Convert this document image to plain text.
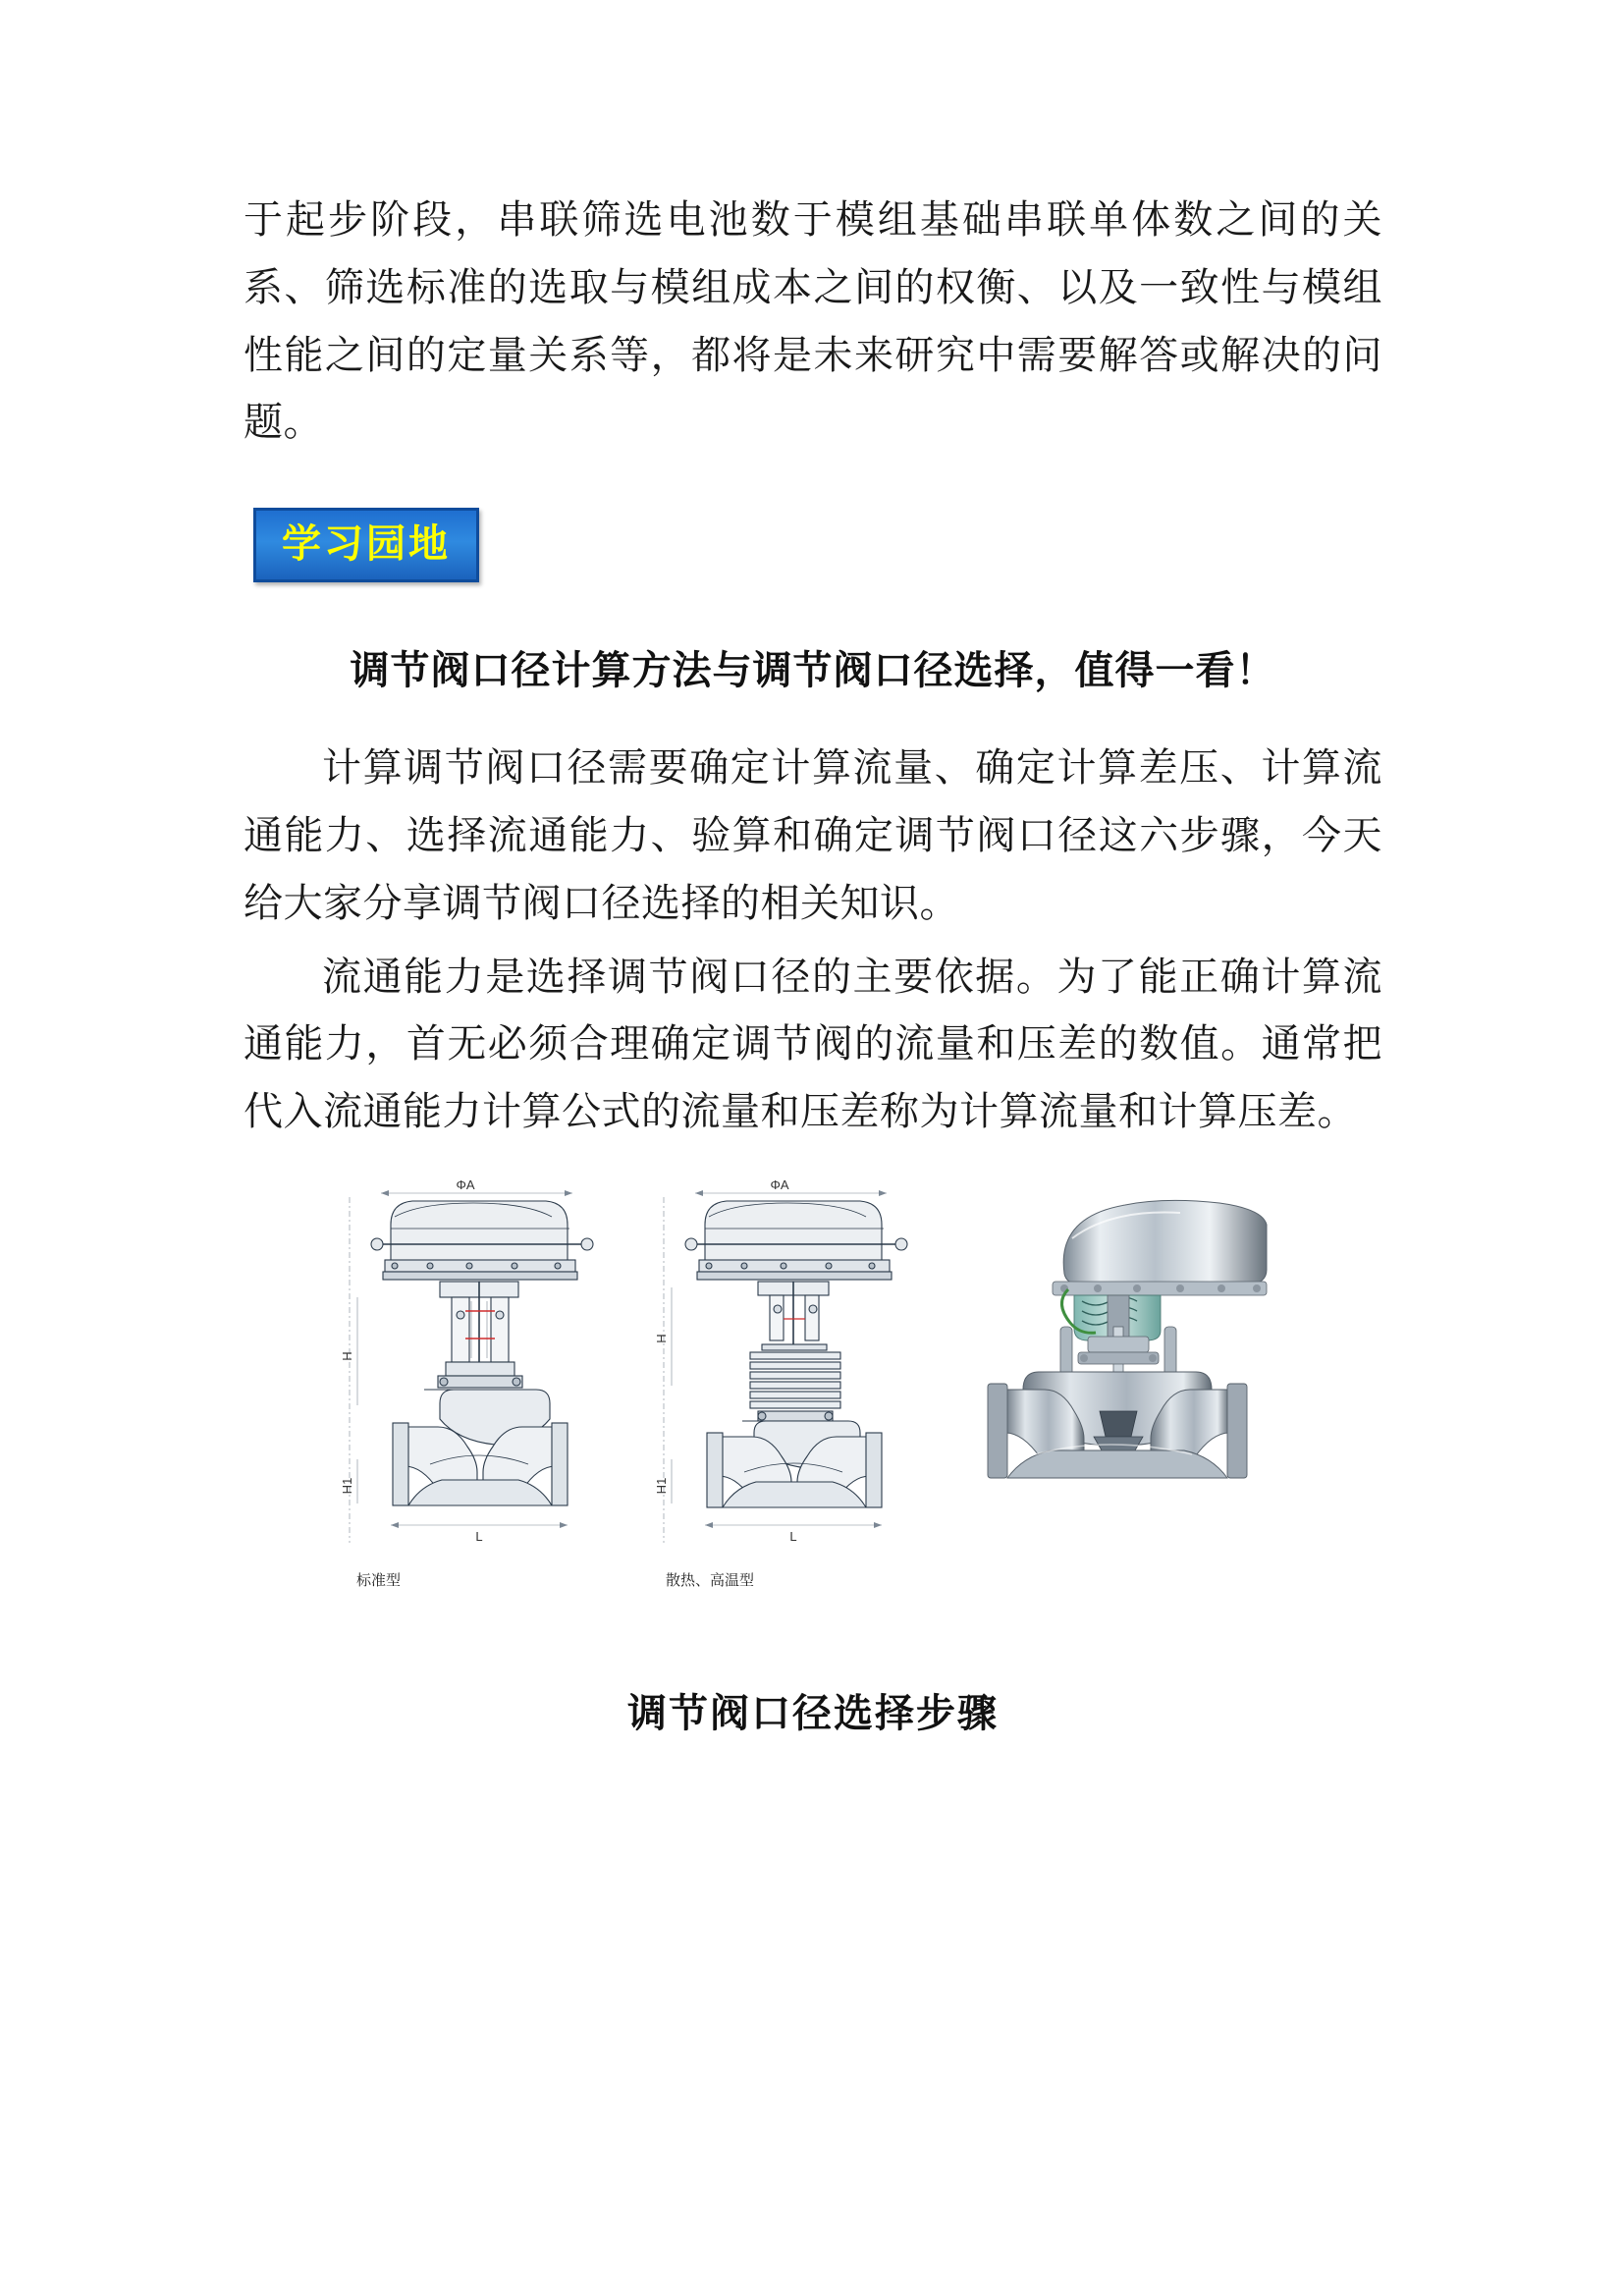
于起步阶段，串联筛选电池数于模组基础串联单体数之间的关系、筛选标准的选取与模组成本之间的权衡、以及一致性与模组性能之间的定量关系等，都将是未来研究中需要解答或解决的问题。

学习园地
调节阀口径计算方法与调节阀口径选择，值得一看！

计算调节阀口径需要确定计算流量、确定计算差压、计算流通能力、选择流通能力、验算和确定调节阀口径这六步骤，今天给大家分享调节阀口径选择的相关知识。

流通能力是选择调节阀口径的主要依据。为了能正确计算流通能力，首无必须合理确定调节阀的流量和压差的数值。通常把代入流通能力计算公式的流量和压差称为计算流量和计算压差。

ΦA
H
H1
L
ΦA
H
H1
L
标准型	散热、高温型
调节阀口径选择步骤
